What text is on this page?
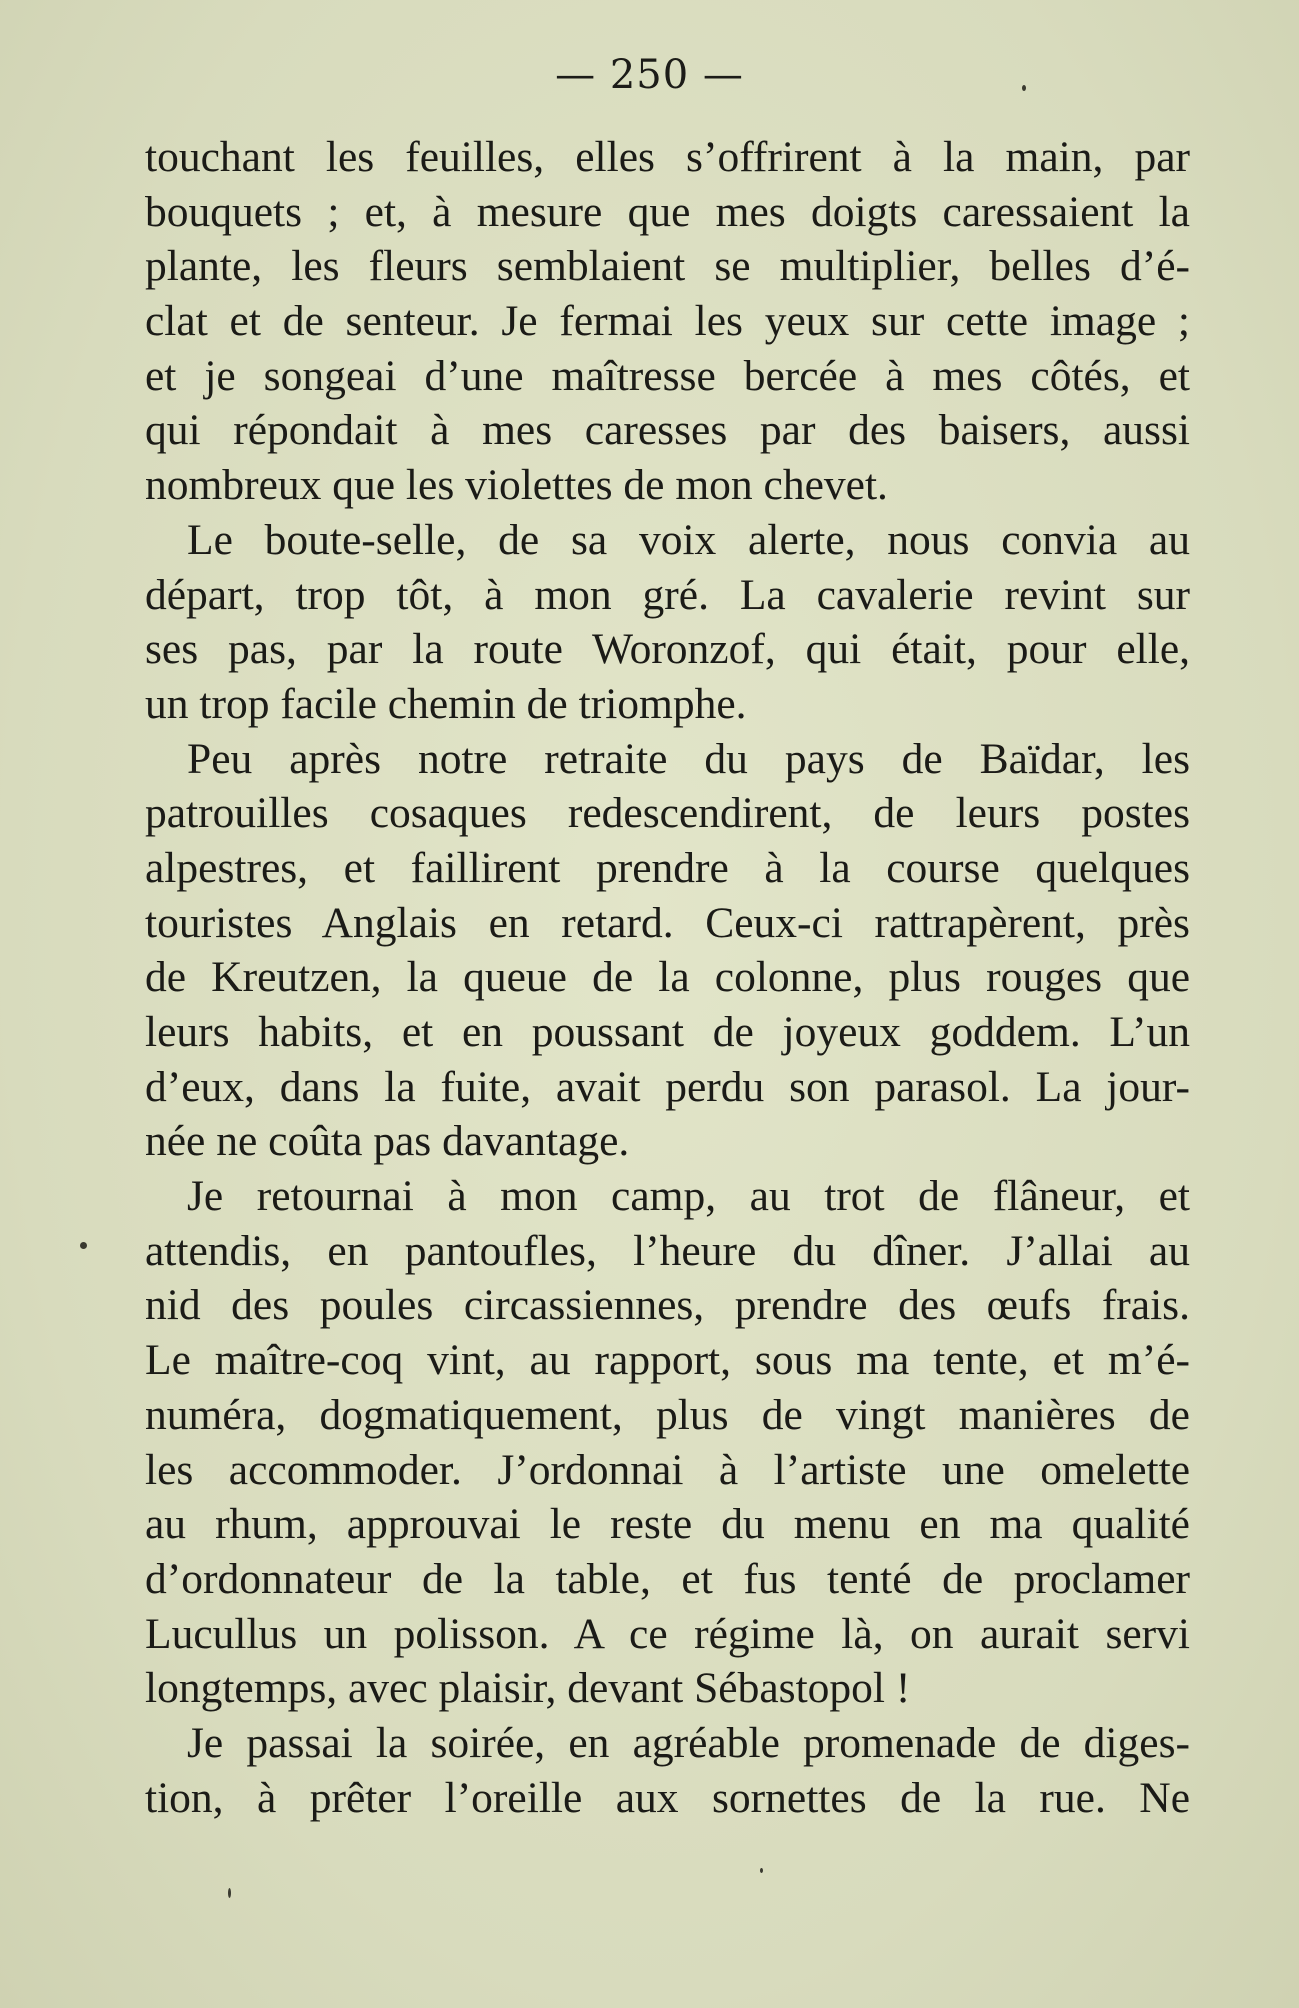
— 250 —
touchant les feuilles, elles s’offrirent à la main, par
bouquets ; et, à mesure que mes doigts caressaient la
plante, les fleurs semblaient se multiplier, belles d’é-
clat et de senteur. Je fermai les yeux sur cette image ;
et je songeai d’une maîtresse bercée à mes côtés, et
qui répondait à mes caresses par des baisers, aussi
nombreux que les violettes de mon chevet.
Le boute-selle, de sa voix alerte, nous convia au
départ, trop tôt, à mon gré. La cavalerie revint sur
ses pas, par la route Woronzof, qui était, pour elle,
un trop facile chemin de triomphe.
Peu après notre retraite du pays de Baïdar, les
patrouilles cosaques redescendirent, de leurs postes
alpestres, et faillirent prendre à la course quelques
touristes Anglais en retard. Ceux-ci rattrapèrent, près
de Kreutzen, la queue de la colonne, plus rouges que
leurs habits, et en poussant de joyeux goddem. L’un
d’eux, dans la fuite, avait perdu son parasol. La jour-
née ne coûta pas davantage.
Je retournai à mon camp, au trot de flâneur, et
attendis, en pantoufles, l’heure du dîner. J’allai au
nid des poules circassiennes, prendre des œufs frais.
Le maître-coq vint, au rapport, sous ma tente, et m’é-
numéra, dogmatiquement, plus de vingt manières de
les accommoder. J’ordonnai à l’artiste une omelette
au rhum, approuvai le reste du menu en ma qualité
d’ordonnateur de la table, et fus tenté de proclamer
Lucullus un polisson. A ce régime là, on aurait servi
longtemps, avec plaisir, devant Sébastopol !
Je passai la soirée, en agréable promenade de diges-
tion, à prêter l’oreille aux sornettes de la rue. Ne
